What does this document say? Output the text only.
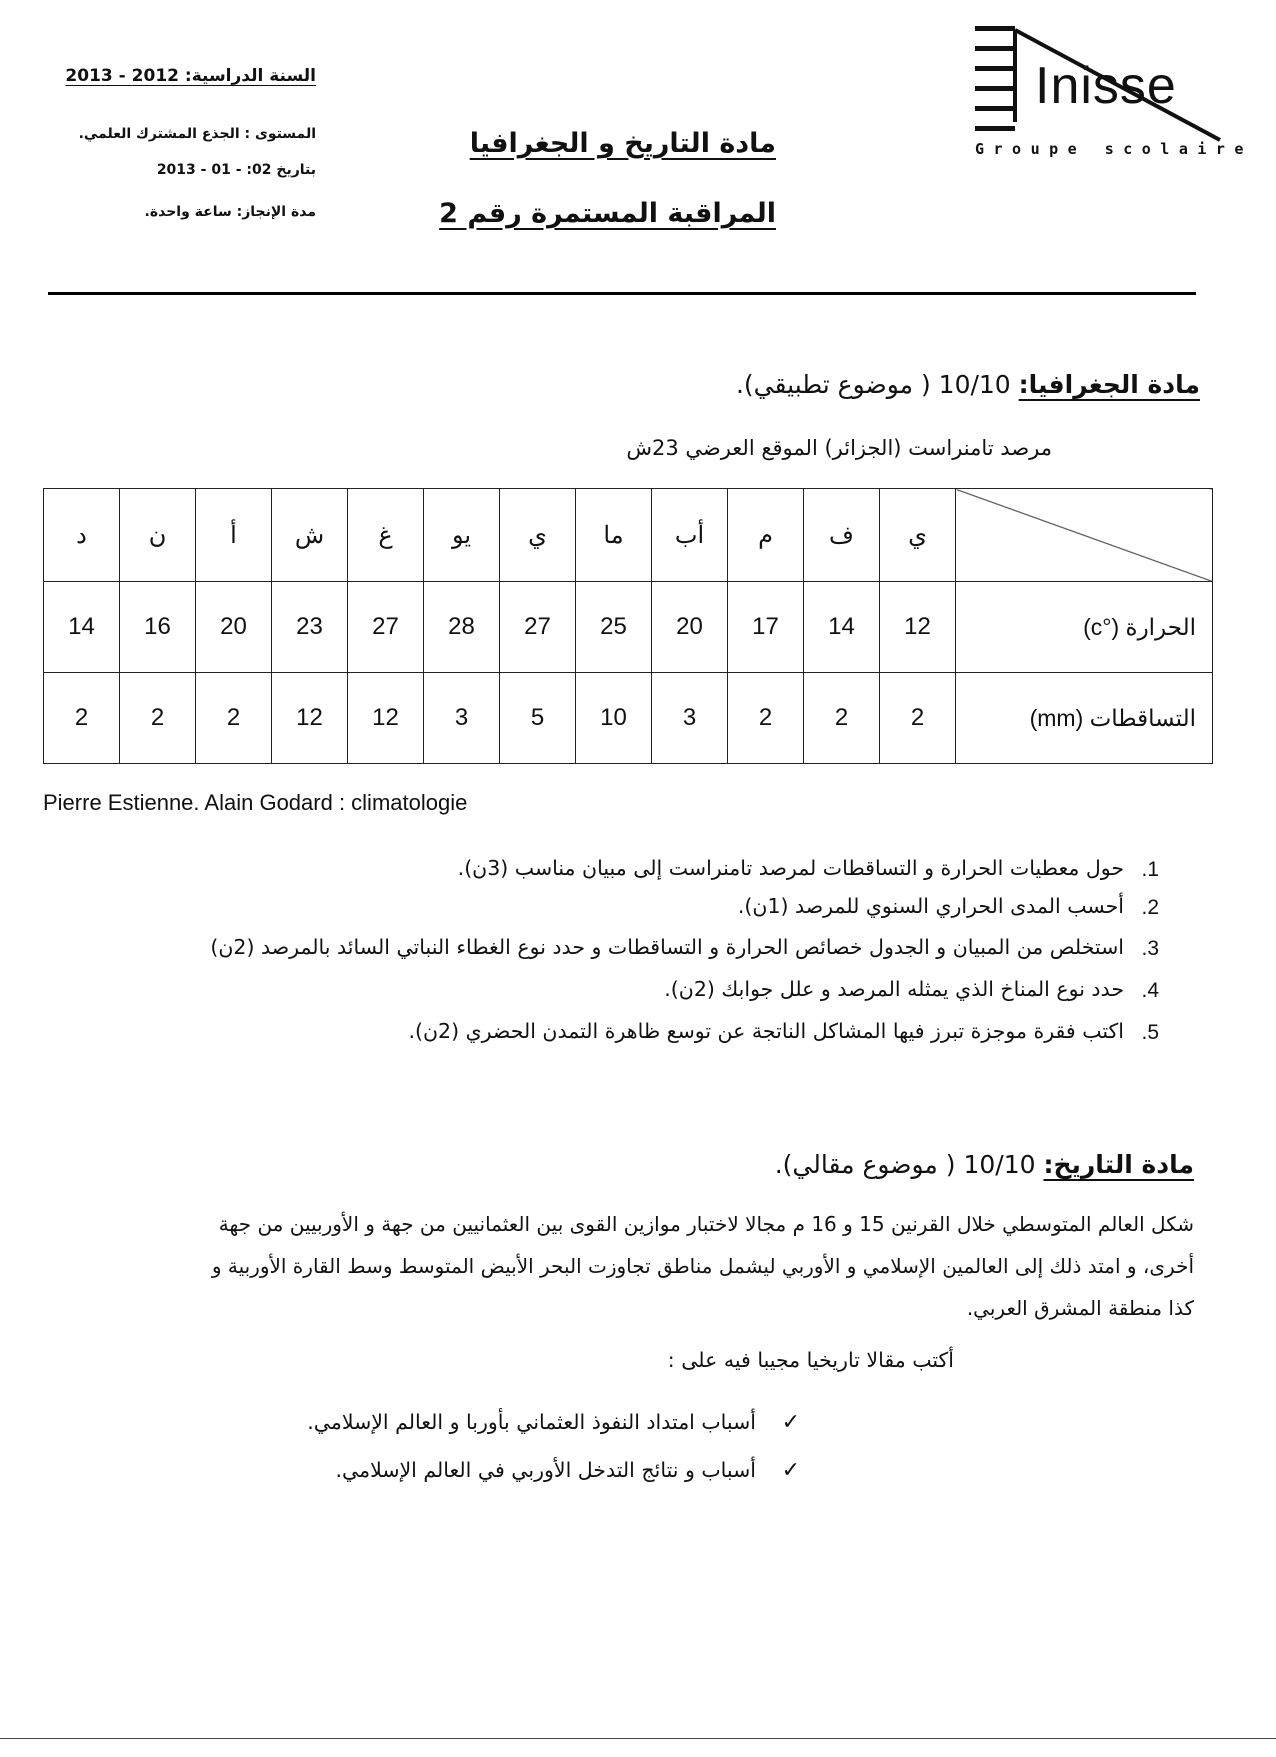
Inisse
Groupe scolaire
مادة التاريخ و الجغرافيا
المراقبة المستمرة رقم 2
السنة الدراسية: 2012 - 2013
المستوى : الجذع المشترك العلمي.
بتاريخ 02: - 01 - 2013
مدة الإنجاز: ساعة واحدة.
مادة الجغرافيا: 10/10 ( موضوع تطبيقي).
مرصد تامنراست (الجزائر) الموقع العرضي 23ش
د	ن	أ	ش	غ	يو	ي	ما	أب	م	ف	ي	
14	16	20	23	27	28	27	25	20	17	14	12	الحرارة (°c)
2	2	2	12	12	3	5	10	3	2	2	2	التساقطات (mm)
Pierre Estienne. Alain Godard : climatologie
.1
حول معطيات الحرارة و التساقطات لمرصد تامنراست إلى مبيان مناسب (3ن).
.2
أحسب المدى الحراري السنوي للمرصد (1ن).
.3
استخلص من المبيان و الجدول خصائص الحرارة و التساقطات و حدد نوع الغطاء النباتي السائد بالمرصد (2ن)
.4
حدد نوع المناخ الذي يمثله المرصد و علل جوابك (2ن).
.5
اكتب فقرة موجزة تبرز فيها المشاكل الناتجة عن توسع ظاهرة التمدن الحضري (2ن).
مادة التاريخ: 10/10 ( موضوع مقالي).
شكل العالم المتوسطي خلال القرنين 15 و 16 م مجالا لاختبار موازين القوى بين العثمانيين من جهة و الأوربيين من جهة
أخرى، و امتد ذلك إلى العالمين الإسلامي و الأوربي ليشمل مناطق تجاوزت البحر الأبيض المتوسط وسط القارة الأوربية و
كذا منطقة المشرق العربي.
أكتب مقالا تاريخيا مجيبا فيه على :
✓
أسباب امتداد النفوذ العثماني بأوربا و العالم الإسلامي.
✓
أسباب و نتائج التدخل الأوربي في العالم الإسلامي.
